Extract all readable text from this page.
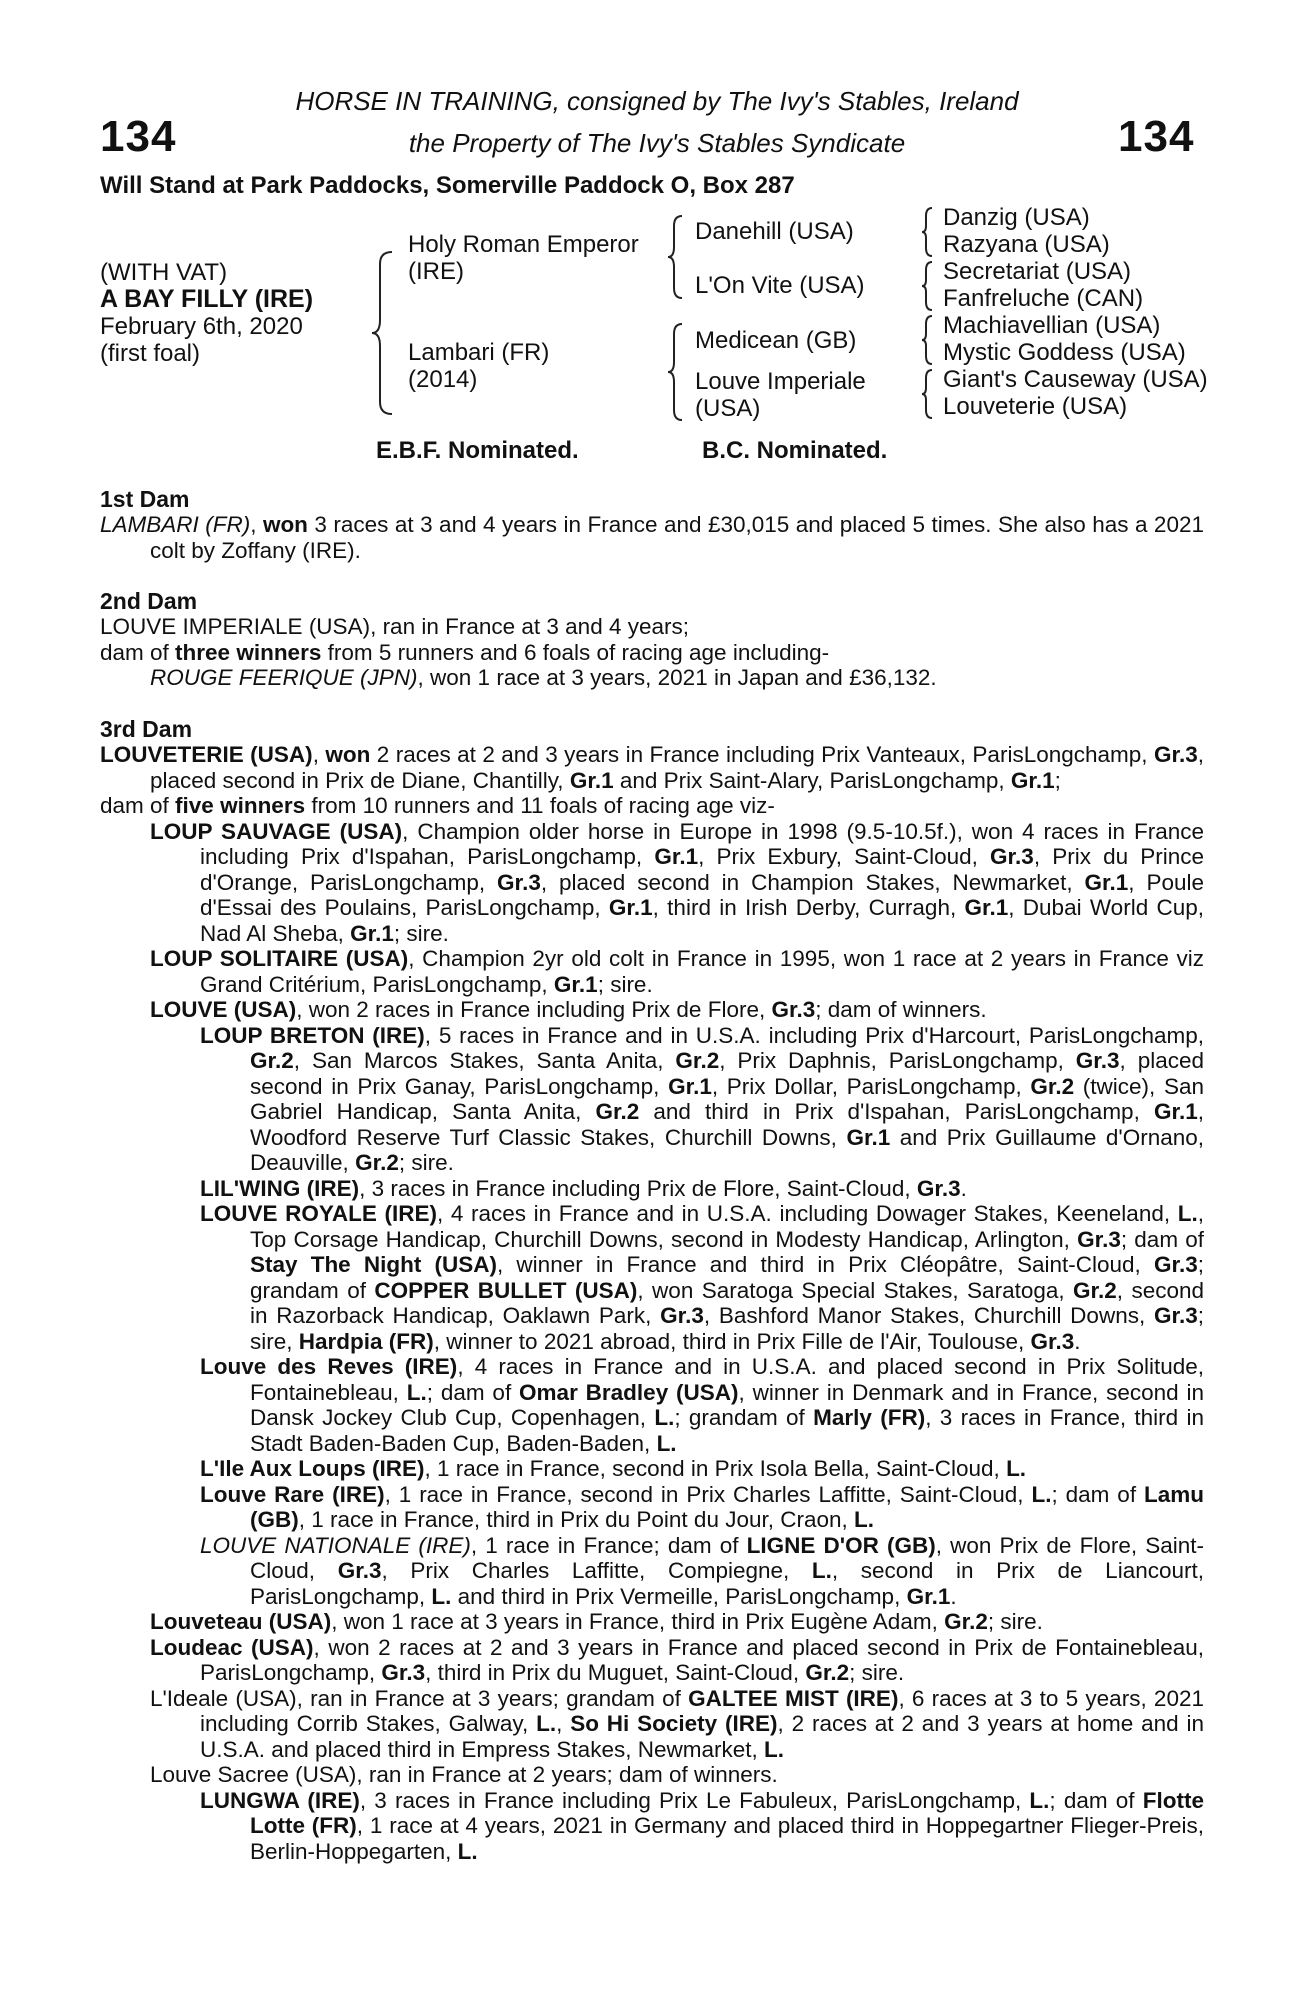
134	134
HORSE IN TRAINING, consigned by The Ivy's Stables, Ireland
the Property of The Ivy's Stables Syndicate
Will Stand at Park Paddocks, Somerville Paddock O, Box 287
(WITH VAT)
A BAY FILLY (IRE)
February 6th, 2020
(first foal)
Holy Roman Emperor
(IRE)
Lambari (FR)
(2014)
Danehill (USA)
L'On Vite (USA)
Medicean (GB)
Louve Imperiale
(USA)
Danzig (USA)
Razyana (USA)
Secretariat (USA)
Fanfreluche (CAN)
Machiavellian (USA)
Mystic Goddess (USA)
Giant's Causeway (USA)
Louveterie (USA)
E.B.F. Nominated.	B.C. Nominated.
1st Dam
LAMBARI (FR), won 3 races at 3 and 4 years in France and £30,015 and placed 5 times. She also has a 2021 colt by Zoffany (IRE).
2nd Dam
LOUVE IMPERIALE (USA), ran in France at 3 and 4 years;
dam of three winners from 5 runners and 6 foals of racing age including-
ROUGE FEERIQUE (JPN), won 1 race at 3 years, 2021 in Japan and £36,132.
3rd Dam
LOUVETERIE (USA), won 2 races at 2 and 3 years in France including Prix Vanteaux, ParisLongchamp, Gr.3, placed second in Prix de Diane, Chantilly, Gr.1 and Prix Saint-Alary, ParisLongchamp, Gr.1;
dam of five winners from 10 runners and 11 foals of racing age viz-
LOUP SAUVAGE (USA), Champion older horse in Europe in 1998 (9.5-10.5f.), won 4 races in France including Prix d'Ispahan, ParisLongchamp, Gr.1, Prix Exbury, Saint-Cloud, Gr.3, Prix du Prince d'Orange, ParisLongchamp, Gr.3, placed second in Champion Stakes, Newmarket, Gr.1, Poule d'Essai des Poulains, ParisLongchamp, Gr.1, third in Irish Derby, Curragh, Gr.1, Dubai World Cup, Nad Al Sheba, Gr.1; sire.
LOUP SOLITAIRE (USA), Champion 2yr old colt in France in 1995, won 1 race at 2 years in France viz Grand Critérium, ParisLongchamp, Gr.1; sire.
LOUVE (USA), won 2 races in France including Prix de Flore, Gr.3; dam of winners.
LOUP BRETON (IRE), 5 races in France and in U.S.A. including Prix d'Harcourt, ParisLongchamp, Gr.2, San Marcos Stakes, Santa Anita, Gr.2, Prix Daphnis, ParisLongchamp, Gr.3, placed second in Prix Ganay, ParisLongchamp, Gr.1, Prix Dollar, ParisLongchamp, Gr.2 (twice), San Gabriel Handicap, Santa Anita, Gr.2 and third in Prix d'Ispahan, ParisLongchamp, Gr.1, Woodford Reserve Turf Classic Stakes, Churchill Downs, Gr.1 and Prix Guillaume d'Ornano, Deauville, Gr.2; sire.
LIL'WING (IRE), 3 races in France including Prix de Flore, Saint-Cloud, Gr.3.
LOUVE ROYALE (IRE), 4 races in France and in U.S.A. including Dowager Stakes, Keeneland, L., Top Corsage Handicap, Churchill Downs, second in Modesty Handicap, Arlington, Gr.3; dam of Stay The Night (USA), winner in France and third in Prix Cléopâtre, Saint-Cloud, Gr.3; grandam of COPPER BULLET (USA), won Saratoga Special Stakes, Saratoga, Gr.2, second in Razorback Handicap, Oaklawn Park, Gr.3, Bashford Manor Stakes, Churchill Downs, Gr.3; sire, Hardpia (FR), winner to 2021 abroad, third in Prix Fille de l'Air, Toulouse, Gr.3.
Louve des Reves (IRE), 4 races in France and in U.S.A. and placed second in Prix Solitude, Fontainebleau, L.; dam of Omar Bradley (USA), winner in Denmark and in France, second in Dansk Jockey Club Cup, Copenhagen, L.; grandam of Marly (FR), 3 races in France, third in Stadt Baden-Baden Cup, Baden-Baden, L.
L'Ile Aux Loups (IRE), 1 race in France, second in Prix Isola Bella, Saint-Cloud, L.
Louve Rare (IRE), 1 race in France, second in Prix Charles Laffitte, Saint-Cloud, L.; dam of Lamu (GB), 1 race in France, third in Prix du Point du Jour, Craon, L.
LOUVE NATIONALE (IRE), 1 race in France; dam of LIGNE D'OR (GB), won Prix de Flore, Saint-Cloud, Gr.3, Prix Charles Laffitte, Compiegne, L., second in Prix de Liancourt, ParisLongchamp, L. and third in Prix Vermeille, ParisLongchamp, Gr.1.
Louveteau (USA), won 1 race at 3 years in France, third in Prix Eugène Adam, Gr.2; sire.
Loudeac (USA), won 2 races at 2 and 3 years in France and placed second in Prix de Fontainebleau, ParisLongchamp, Gr.3, third in Prix du Muguet, Saint-Cloud, Gr.2; sire.
L'Ideale (USA), ran in France at 3 years; grandam of GALTEE MIST (IRE), 6 races at 3 to 5 years, 2021 including Corrib Stakes, Galway, L., So Hi Society (IRE), 2 races at 2 and 3 years at home and in U.S.A. and placed third in Empress Stakes, Newmarket, L.
Louve Sacree (USA), ran in France at 2 years; dam of winners.
LUNGWA (IRE), 3 races in France including Prix Le Fabuleux, ParisLongchamp, L.; dam of Flotte Lotte (FR), 1 race at 4 years, 2021 in Germany and placed third in Hoppegartner Flieger-Preis, Berlin-Hoppegarten, L.
